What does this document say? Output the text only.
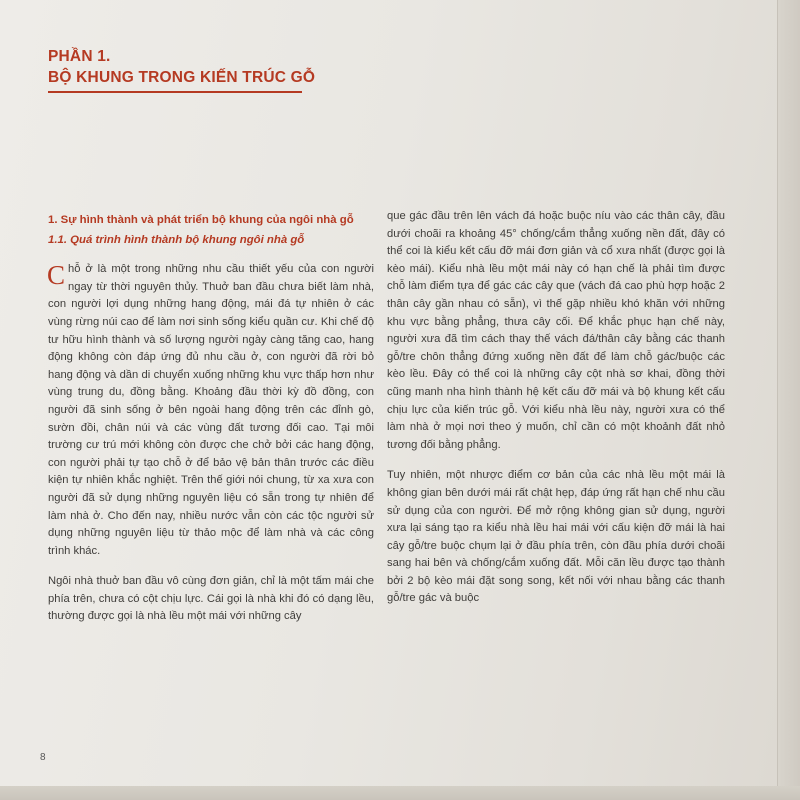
PHẦN 1.
BỘ KHUNG TRONG KIẾN TRÚC GỖ
1. Sự hình thành và phát triển bộ khung của ngôi nhà gỗ
1.1. Quá trình hình thành bộ khung ngôi nhà gỗ

Chỗ ở là một trong những nhu cầu thiết yếu của con người ngay từ thời nguyên thủy. Thuở ban đầu chưa biết làm nhà, con người lợi dụng những hang động, mái đá tự nhiên ở các vùng rừng núi cao để làm nơi sinh sống kiểu quần cư. Khi chế độ tư hữu hình thành và số lượng người ngày càng tăng cao, hang động không còn đáp ứng đủ nhu cầu ở, con người đã rời bỏ hang động và dần di chuyển xuống những khu vực thấp hơn như vùng trung du, đồng bằng. Khoảng đầu thời kỳ đồ đồng, con người đã sinh sống ở bên ngoài hang động trên các đỉnh gò, sườn đồi, chân núi và các vùng đất tương đối cao. Tại môi trường cư trú mới không còn được che chở bởi các hang động, con người phải tự tạo chỗ ở để bảo vệ bản thân trước các điều kiện tự nhiên khắc nghiệt. Trên thế giới nói chung, từ xa xưa con người đã sử dụng những nguyên liệu có sẵn trong tự nhiên để làm nhà ở. Cho đến nay, nhiều nước vẫn còn các tộc người sử dụng những nguyên liệu từ thảo mộc để làm nhà và các công trình khác.

Ngôi nhà thuở ban đầu vô cùng đơn giản, chỉ là một tấm mái che phía trên, chưa có cột chịu lực. Cái gọi là nhà khi đó có dạng lều, thường được gọi là nhà lều một mái với những cây

que gác đầu trên lên vách đá hoặc buộc níu vào các thân cây, đầu dưới choãi ra khoảng 45° chống/cắm thẳng xuống nền đất, đây có thể coi là kiểu kết cấu đỡ mái đơn giản và cổ xưa nhất (được gọi là kèo mái). Kiểu nhà lều một mái này có hạn chế là phải tìm được chỗ làm điểm tựa để gác các cây que (vách đá cao phù hợp hoặc 2 thân cây gần nhau có sẵn), vì thế gặp nhiều khó khăn với những khu vực bằng phẳng, thưa cây cối. Để khắc phục hạn chế này, người xưa đã tìm cách thay thế vách đá/thân cây bằng các thanh gỗ/tre chôn thẳng đứng xuống nền đất để làm chỗ gác/buộc các kèo lều. Đây có thể coi là những cây cột nhà sơ khai, đồng thời cũng manh nha hình thành hệ kết cấu đỡ mái và bộ khung kết cấu chịu lực của kiến trúc gỗ. Với kiểu nhà lều này, người xưa có thể làm nhà ở mọi nơi theo ý muốn, chỉ cần có một khoảnh đất nhỏ tương đối bằng phẳng.

Tuy nhiên, một nhược điểm cơ bản của các nhà lều một mái là không gian bên dưới mái rất chật hẹp, đáp ứng rất hạn chế nhu cầu sử dụng của con người. Để mở rộng không gian sử dụng, người xưa lại sáng tạo ra kiểu nhà lều hai mái với cấu kiện đỡ mái là hai cây gỗ/tre buộc chụm lại ở đầu phía trên, còn đầu phía dưới choãi sang hai bên và chống/cắm xuống đất. Mỗi căn lều được tạo thành bởi 2 bộ kèo mái đặt song song, kết nối với nhau bằng các thanh gỗ/tre gác và buộc

8
